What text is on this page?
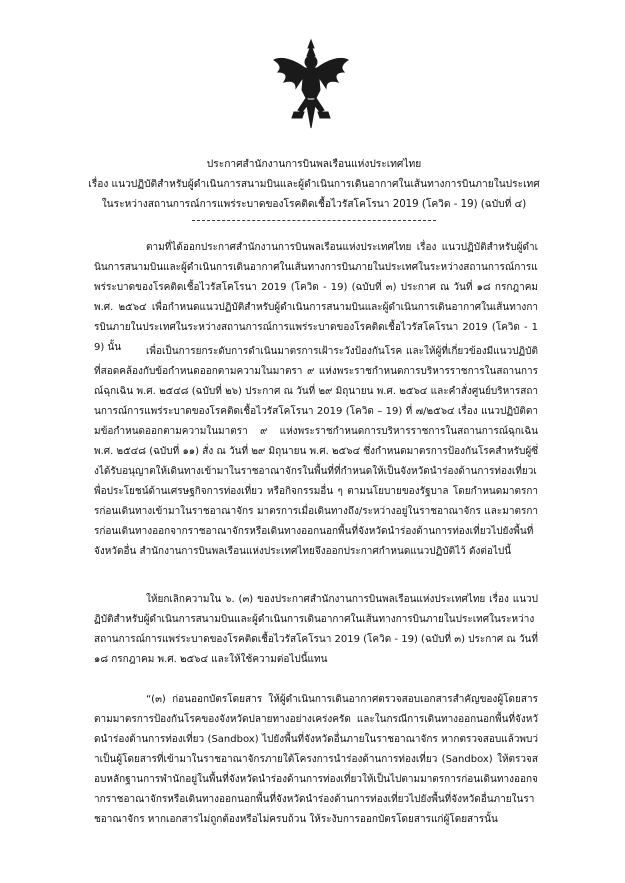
ประกาศสำนักงานการบินพลเรือนแห่งประเทศไทย

เรื่อง แนวปฏิบัติสำหรับผู้ดำเนินการสนามบินและผู้ดำเนินการเดินอากาศในเส้นทางการบินภายในประเทศ

ในระหว่างสถานการณ์การแพร่ระบาดของโรคติดเชื้อไวรัสโคโรนา 2019 (โควิด - 19) (ฉบับที่ ๔)

ตามที่ได้ออกประกาศสำนักงานการบินพลเรือนแห่งประเทศไทย เรื่อง แนวปฏิบัติสำหรับผู้ดำเนินการสนามบินและผู้ดำเนินการเดินอากาศในเส้นทางการบินภายในประเทศในระหว่างสถานการณ์การแพร่ระบาดของโรคติดเชื้อไวรัสโคโรนา 2019 (โควิด - 19) (ฉบับที่ ๓) ประกาศ ณ วันที่ ๑๘ กรกฎาคม พ.ศ. ๒๕๖๔ เพื่อกำหนดแนวปฏิบัติสำหรับผู้ดำเนินการสนามบินและผู้ดำเนินการเดินอากาศในเส้นทางการบินภายในประเทศในระหว่างสถานการณ์การแพร่ระบาดของโรคติดเชื้อไวรัสโคโรนา 2019 (โควิด - 19) นั้น	เพื่อเป็นการยกระดับการดำเนินมาตรการเฝ้าระวังป้องกันโรค และให้ผู้ที่เกี่ยวข้องมีแนวปฏิบัติที่สอดคล้องกับข้อกำหนดออกตามความในมาตรา ๙ แห่งพระราชกำหนดการบริหารราชการในสถานการณ์ฉุกเฉิน พ.ศ. ๒๕๔๘ (ฉบับที่ ๒๖) ประกาศ ณ วันที่ ๒๙ มิถุนายน พ.ศ. ๒๕๖๔ และคำสั่งศูนย์บริหารสถานการณ์การแพร่ระบาดของโรคติดเชื้อไวรัสโคโรนา 2019 (โควิด – 19) ที่ ๗/๒๕๖๔ เรื่อง แนวปฏิบัติตามข้อกำหนดออกตามความในมาตรา ๙ แห่งพระราชกำหนดการบริหารราชการในสถานการณ์ฉุกเฉิน พ.ศ. ๒๕๔๘ (ฉบับที่ ๑๑) สั่ง ณ วันที่ ๒๙ มิถุนายน พ.ศ. ๒๕๖๔ ซึ่งกำหนดมาตรการป้องกันโรคสำหรับผู้ซึ่งได้รับอนุญาตให้เดินทางเข้ามาในราชอาณาจักรในพื้นที่ที่กำหนดให้เป็นจังหวัดนำร่องด้านการท่องเที่ยวเพื่อประโยชน์ด้านเศรษฐกิจการท่องเที่ยว หรือกิจกรรมอื่น ๆ ตามนโยบายของรัฐบาล โดยกำหนดมาตรการก่อนเดินทางเข้ามาในราชอาณาจักร มาตรการเมื่อเดินทางถึง/ระหว่างอยู่ในราชอาณาจักร และมาตรการก่อนเดินทางออกจากราชอาณาจักรหรือเดินทางออกนอกพื้นที่จังหวัดนำร่องด้านการท่องเที่ยวไปยังพื้นที่จังหวัดอื่น สำนักงานการบินพลเรือนแห่งประเทศไทยจึงออกประกาศกำหนดแนวปฏิบัติไว้ ดังต่อไปนี้

ให้ยกเลิกความใน ๖. (๓) ของประกาศสำนักงานการบินพลเรือนแห่งประเทศไทย เรื่อง แนวปฏิบัติสำหรับผู้ดำเนินการสนามบินและผู้ดำเนินการเดินอากาศในเส้นทางการบินภายในประเทศในระหว่างสถานการณ์การแพร่ระบาดของโรคติดเชื้อไวรัสโคโรนา 2019 (โควิด - 19) (ฉบับที่ ๓) ประกาศ ณ วันที่ ๑๘ กรกฎาคม พ.ศ. ๒๕๖๔ และให้ใช้ความต่อไปนี้แทน

“(๓) ก่อนออกบัตรโดยสาร ให้ผู้ดำเนินการเดินอากาศตรวจสอบเอกสารสำคัญของผู้โดยสารตามมาตรการป้องกันโรคของจังหวัดปลายทางอย่างเคร่งครัด และในกรณีการเดินทางออกนอกพื้นที่จังหวัดนำร่องด้านการท่องเที่ยว (Sandbox) ไปยังพื้นที่จังหวัดอื่นภายในราชอาณาจักร หากตรวจสอบแล้วพบว่าเป็นผู้โดยสารที่เข้ามาในราชอาณาจักรภายใต้โครงการนำร่องด้านการท่องเที่ยว (Sandbox) ให้ตรวจสอบหลักฐานการพำนักอยู่ในพื้นที่จังหวัดนำร่องด้านการท่องเที่ยวให้เป็นไปตามมาตรการก่อนเดินทางออกจากราชอาณาจักรหรือเดินทางออกนอกพื้นที่จังหวัดนำร่องด้านการท่องเที่ยวไปยังพื้นที่จังหวัดอื่นภายในราชอาณาจักร หากเอกสารไม่ถูกต้องหรือไม่ครบถ้วน ให้ระงับการออกบัตรโดยสารแก่ผู้โดยสารนั้น
